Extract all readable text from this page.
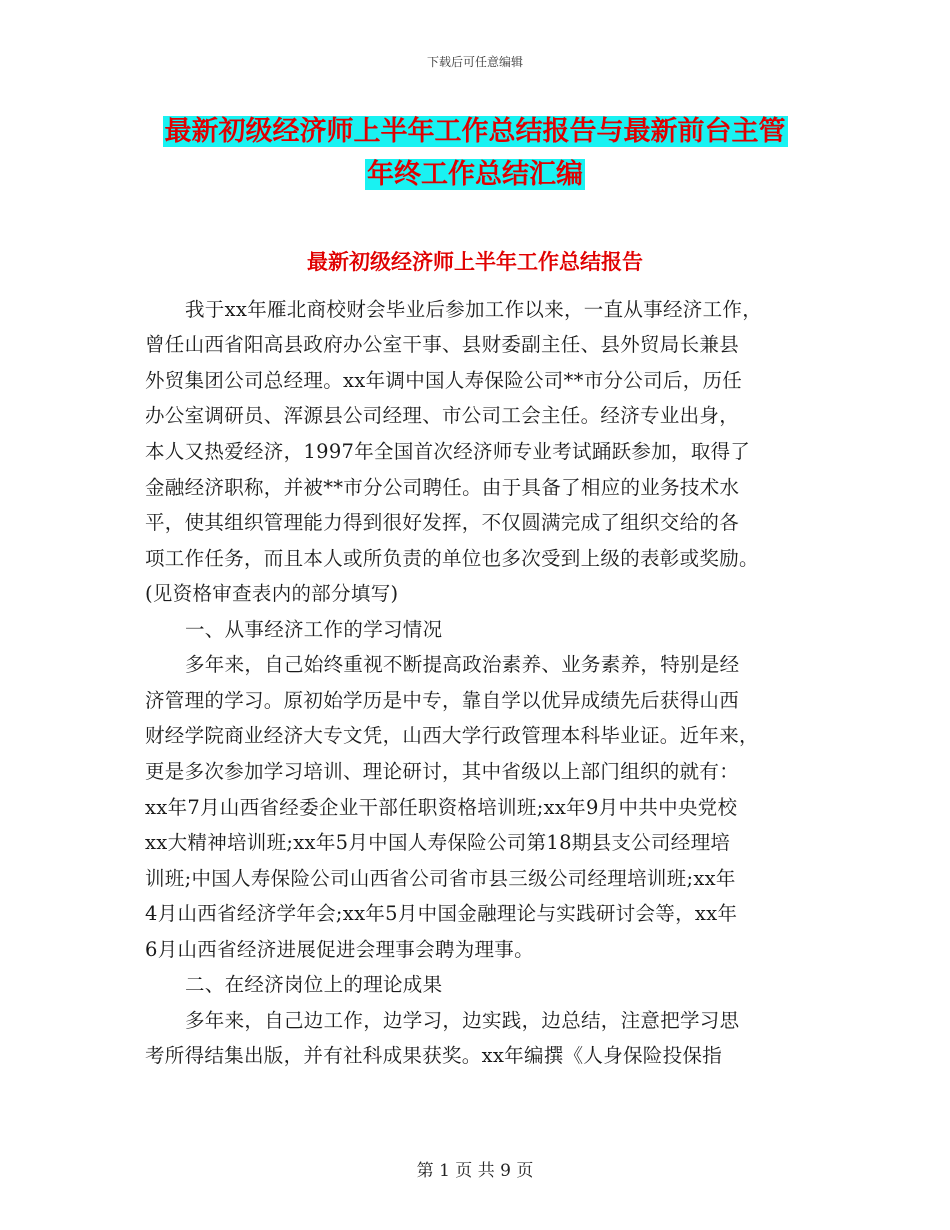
下载后可任意编辑
最新初级经济师上半年工作总结报告与最新前台主管
年终工作总结汇编
最新初级经济师上半年工作总结报告
我于xx年雁北商校财会毕业后参加工作以来，一直从事经济工作，
曾任山西省阳高县政府办公室干事、县财委副主任、县外贸局长兼县
外贸集团公司总经理。xx年调中国人寿保险公司**市分公司后，历任
办公室调研员、浑源县公司经理、市公司工会主任。经济专业出身，
本人又热爱经济，1997年全国首次经济师专业考试踊跃参加，取得了
金融经济职称，并被**市分公司聘任。由于具备了相应的业务技术水
平，使其组织管理能力得到很好发挥，不仅圆满完成了组织交给的各
项工作任务，而且本人或所负责的单位也多次受到上级的表彰或奖励。
(见资格审查表内的部分填写)
一、从事经济工作的学习情况
多年来，自己始终重视不断提高政治素养、业务素养，特别是经
济管理的学习。原初始学历是中专，靠自学以优异成绩先后获得山西
财经学院商业经济大专文凭，山西大学行政管理本科毕业证。近年来，
更是多次参加学习培训、理论研讨，其中省级以上部门组织的就有：
xx年7月山西省经委企业干部任职资格培训班;xx年9月中共中央党校
xx大精神培训班;xx年5月中国人寿保险公司第18期县支公司经理培
训班;中国人寿保险公司山西省公司省市县三级公司经理培训班;xx年
4月山西省经济学年会;xx年5月中国金融理论与实践研讨会等，xx年
6月山西省经济进展促进会理事会聘为理事。
二、在经济岗位上的理论成果
多年来，自己边工作，边学习，边实践，边总结，注意把学习思
考所得结集出版，并有社科成果获奖。xx年编撰《人身保险投保指
第 1 页 共 9 页
